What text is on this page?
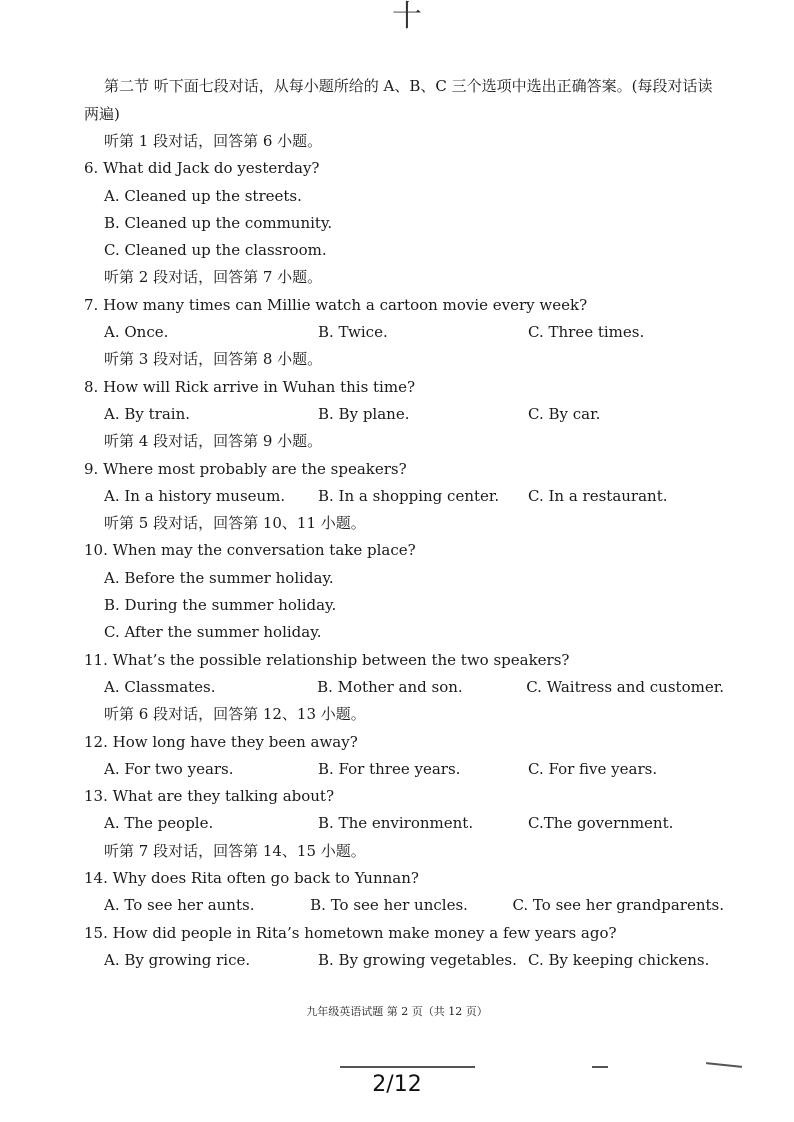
十
第二节 听下面七段对话，从每小题所给的 A、B、C 三个选项中选出正确答案。(每段对话读两遍)
听第 1 段对话，回答第 6 小题。
6. What did Jack do yesterday?
A. Cleaned up the streets.
B. Cleaned up the community.
C. Cleaned up the classroom.
听第 2 段对话，回答第 7 小题。
7. How many times can Millie watch a cartoon movie every week?
A. Once.	B. Twice.	C. Three times.
听第 3 段对话，回答第 8 小题。
8. How will Rick arrive in Wuhan this time?
A. By train.	B. By plane.	C. By car.
听第 4 段对话，回答第 9 小题。
9. Where most probably are the speakers?
A. In a history museum.	B. In a shopping center.	C. In a restaurant.
听第 5 段对话，回答第 10、11 小题。
10. When may the conversation take place?
A. Before the summer holiday.
B. During the summer holiday.
C. After the summer holiday.
11. What’s the possible relationship between the two speakers?
A. Classmates.	B. Mother and son.	C. Waitress and customer.
听第 6 段对话，回答第 12、13 小题。
12. How long have they been away?
A. For two years.	B. For three years.	C. For five years.
13. What are they talking about?
A. The people.	B. The environment.	C.The government.
听第 7 段对话，回答第 14、15 小题。
14. Why does Rita often go back to Yunnan?
A. To see her aunts.	B. To see her uncles.	C. To see her grandparents.
15. How did people in Rita’s hometown make money a few years ago?
A. By growing rice.	B. By growing vegetables. C. By keeping chickens.
九年级英语试题 第 2 页（共 12 页）
2/12
